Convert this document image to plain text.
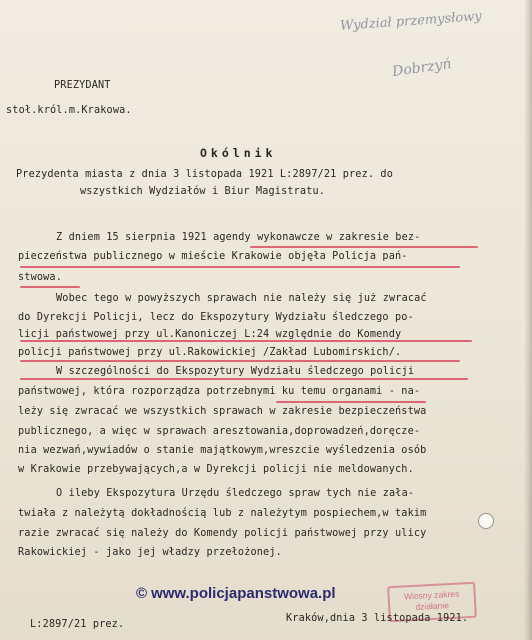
Wydział przemysłowy
Dobrzyń
PREZYDANT
stoł.król.m.Krakowa.
Okólnik
Prezydenta miasta z dnia 3 listopada 1921 L:2897/21 prez. do
wszystkich Wydziałów i Biur Magistratu.
Z dniem 15 sierpnia 1921 agendy wykonawcze w zakresie bez-
pieczeństwa publicznego w mieście Krakowie objęła Policja pań-
stwowa.
Wobec tego w powyższych sprawach nie należy się już zwracać
do Dyrekcji Policji, lecz do Ekspozytury Wydziału śledczego po-
licji państwowej przy ul.Kanoniczej L:24 względnie do Komendy
policji państwowej przy ul.Rakowickiej /Zakład Lubomirskich/.
W szczególności do Ekspozytury Wydziału śledczego policji
państwowej, która rozporządza potrzebnymi ku temu organami - na-
leży się zwracać we wszystkich sprawach w zakresie bezpieczeństwa
publicznego, a więc w sprawach aresztowania,doprowadzeń,doręcze-
nia wezwań,wywiadów o stanie majątkowym,wreszcie wyśledzenia osób
w Krakowie przebywających,a w Dyrekcji policji nie meldowanych.
O ileby Ekspozytura Urzędu śledczego spraw tych nie zała-
twiała z należytą dokładnością lub z należytym pospiechem,w takim
razie zwracać się należy do Komendy policji państwowej przy ulicy
Rakowickiej - jako jej władzy przełożonej.
© www.policjapanstwowa.pl	Wiosny zakres
działanie
L:2897/21 prez.
Kraków,dnia 3 listopada 1921.
